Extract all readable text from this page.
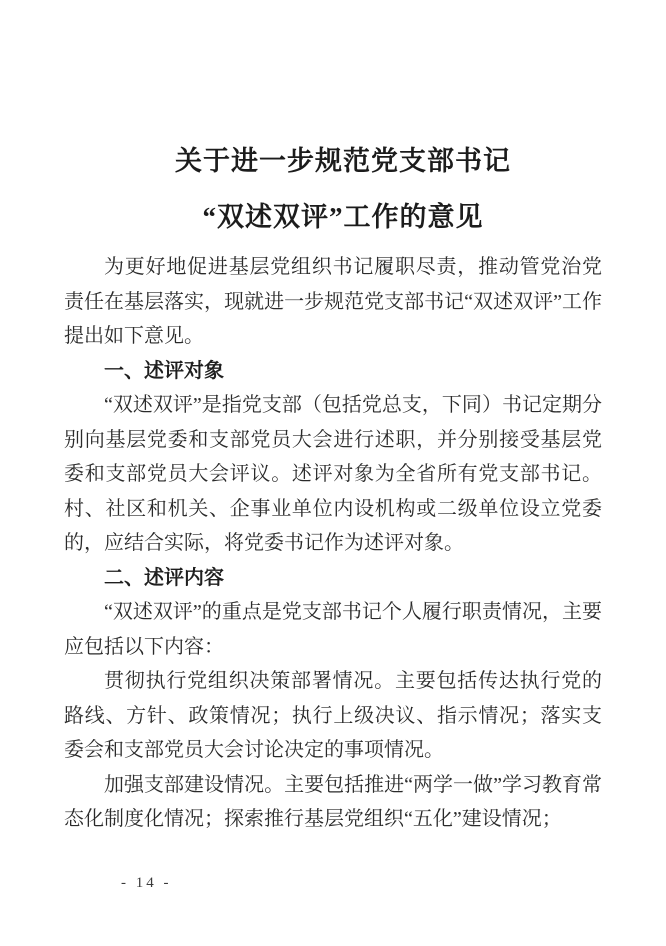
关于进一步规范党支部书记
“双述双评”工作的意见

为更好地促进基层党组织书记履职尽责，推动管党治党责任在基层落实，现就进一步规范党支部书记“双述双评”工作提出如下意见。

一、述评对象

“双述双评”是指党支部（包括党总支，下同）书记定期分别向基层党委和支部党员大会进行述职，并分别接受基层党委和支部党员大会评议。述评对象为全省所有党支部书记。村、社区和机关、企事业单位内设机构或二级单位设立党委的，应结合实际，将党委书记作为述评对象。

二、述评内容

“双述双评”的重点是党支部书记个人履行职责情况，主要应包括以下内容：

贯彻执行党组织决策部署情况。主要包括传达执行党的路线、方针、政策情况；执行上级决议、指示情况；落实支委会和支部党员大会讨论决定的事项情况。

加强支部建设情况。主要包括推进“两学一做”学习教育常态化制度化情况；探索推行基层党组织“五化”建设情况；

- 14 -
